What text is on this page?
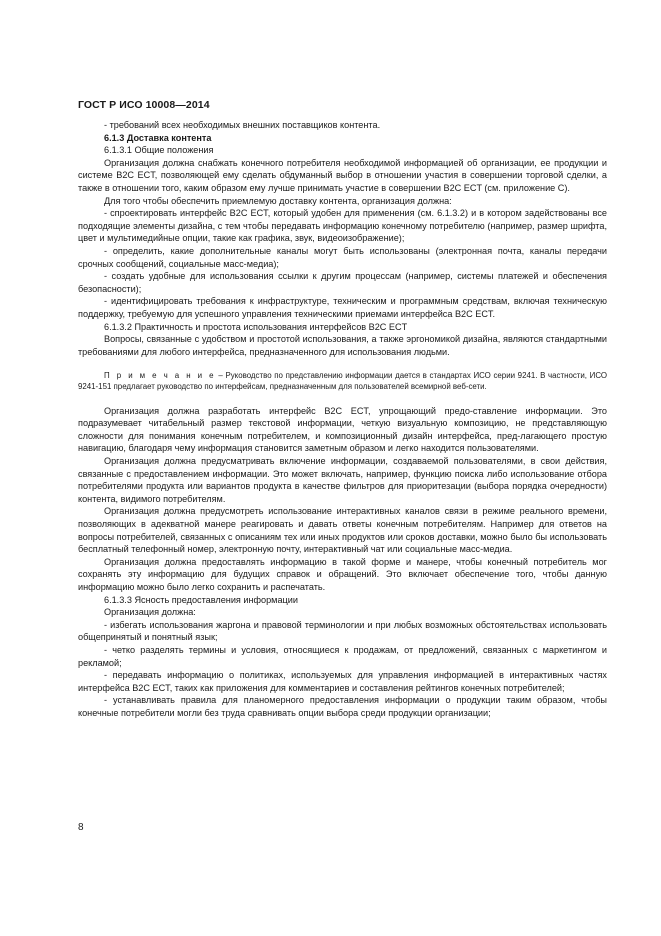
ГОСТ Р ИСО 10008—2014

- требований всех необходимых внешних поставщиков контента.

6.1.3 Доставка контента

6.1.3.1 Общие положения

Организация должна снабжать конечного потребителя необходимой информацией об организации, ее продукции и системе B2C ECT, позволяющей ему сделать обдуманный выбор в отношении участия в совершении торговой сделки, а также в отношении того, каким образом ему лучше принимать участие в совершении B2C ECT (см. приложение С).

Для того чтобы обеспечить приемлемую доставку контента, организация должна:

- спроектировать интерфейс B2C ECT, который удобен для применения (см. 6.1.3.2) и в котором задействованы все подходящие элементы дизайна, с тем чтобы передавать информацию конечному потребителю (например, размер шрифта, цвет и мультимедийные опции, такие как графика, звук, видеоизображение);

- определить, какие дополнительные каналы могут быть использованы (электронная почта, каналы передачи срочных сообщений, социальные масс-медиа);

- создать удобные для использования ссылки к другим процессам (например, системы платежей и обеспечения безопасности);

- идентифицировать требования к инфраструктуре, техническим и программным средствам, включая техническую поддержку, требуемую для успешного управления техническими приемами интерфейса B2C ECT.

6.1.3.2 Практичность и простота использования интерфейсов B2C ECT

Вопросы, связанные с удобством и простотой использования, а также эргономикой дизайна, являются стандартными требованиями для любого интерфейса, предназначенного для использования людьми.

П р и м е ч а н и е – Руководство по представлению информации дается в стандартах ИСО серии 9241. В частности, ИСО 9241-151 предлагает руководство по интерфейсам, предназначенным для пользователей всемирной веб-сети.

Организация должна разработать интерфейс B2C ECT, упрощающий предо-ставление информации. Это подразумевает читабельный размер текстовой информации, четкую визуальную композицию, не представляющую сложности для понимания конечным потребителем, и композиционный дизайн интерфейса, пред-лагающего простую навигацию, благодаря чему информация становится заметным образом и легко находится пользователями.

Организация должна предусматривать включение информации, создаваемой пользователями, в свои действия, связанные с предоставлением информации. Это может включать, например, функцию поиска либо использование отбора потребителями продукта или вариантов продукта в качестве фильтров для приоритезации (выбора порядка очередности) контента, видимого потребителям.

Организация должна предусмотреть использование интерактивных каналов связи в режиме реального времени, позволяющих в адекватной манере реагировать и давать ответы конечным потребителям. Например для ответов на вопросы потребителей, связанных с описаниям тех или иных продуктов или сроков доставки, можно было бы использовать бесплатный телефонный номер, электронную почту, интерактивный чат или социальные масс-медиа.

Организация должна предоставлять информацию в такой форме и манере, чтобы конечный потребитель мог сохранять эту информацию для будущих справок и обращений. Это включает обеспечение того, чтобы данную информацию можно было легко сохранить и распечатать.

6.1.3.3 Ясность предоставления информации

Организация должна:

- избегать использования жаргона и правовой терминологии и при любых возможных обстоятельствах использовать общепринятый и понятный язык;

- четко разделять термины и условия, относящиеся к продажам, от предложений, связанных с маркетингом и рекламой;

- передавать информацию о политиках, используемых для управления информацией в интерактивных частях интерфейса B2C ECT, таких как приложения для комментариев и составления рейтингов конечных потребителей;

- устанавливать правила для планомерного предоставления информации о продукции таким образом, чтобы конечные потребители могли без труда сравнивать опции выбора среди продукции организации;

8
